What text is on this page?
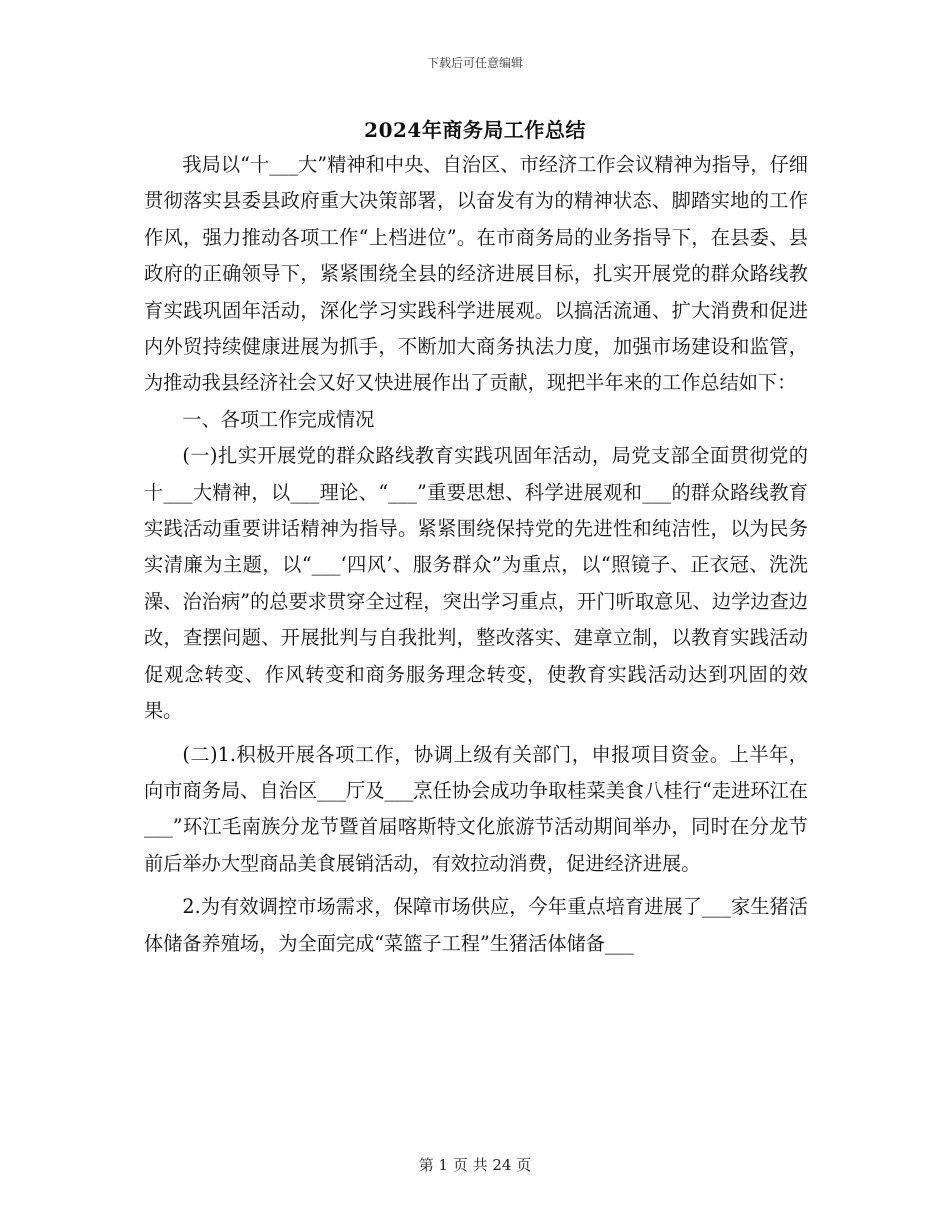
下载后可任意编辑
2024年商务局工作总结

我局以“十___大”精神和中央、自治区、市经济工作会议精神为指导，仔细贯彻落实县委县政府重大决策部署，以奋发有为的精神状态、脚踏实地的工作作风，强力推动各项工作“上档进位”。在市商务局的业务指导下，在县委、县政府的正确领导下，紧紧围绕全县的经济进展目标，扎实开展党的群众路线教育实践巩固年活动，深化学习实践科学进展观。以搞活流通、扩大消费和促进内外贸持续健康进展为抓手，不断加大商务执法力度，加强市场建设和监管，为推动我县经济社会又好又快进展作出了贡献，现把半年来的工作总结如下：

一、各项工作完成情况

(一)扎实开展党的群众路线教育实践巩固年活动，局党支部全面贯彻党的十___大精神，以___理论、“___”重要思想、科学进展观和___的群众路线教育实践活动重要讲话精神为指导。紧紧围绕保持党的先进性和纯洁性，以为民务实清廉为主题，以“___‘四风’、服务群众”为重点，以“照镜子、正衣冠、洗洗澡、治治病”的总要求贯穿全过程，突出学习重点，开门听取意见、边学边查边改，查摆问题、开展批判与自我批判，整改落实、建章立制，以教育实践活动促观念转变、作风转变和商务服务理念转变，使教育实践活动达到巩固的效果。

(二)1.积极开展各项工作，协调上级有关部门，申报项目资金。上半年，向市商务局、自治区___厅及___烹任协会成功争取桂菜美食八桂行“走进环江在___”环江毛南族分龙节暨首届喀斯特文化旅游节活动期间举办，同时在分龙节前后举办大型商品美食展销活动，有效拉动消费，促进经济进展。

2.为有效调控市场需求，保障市场供应，今年重点培育进展了___家生猪活体储备养殖场，为全面完成“菜篮子工程”生猪活体储备___

第 1 页 共 24 页
